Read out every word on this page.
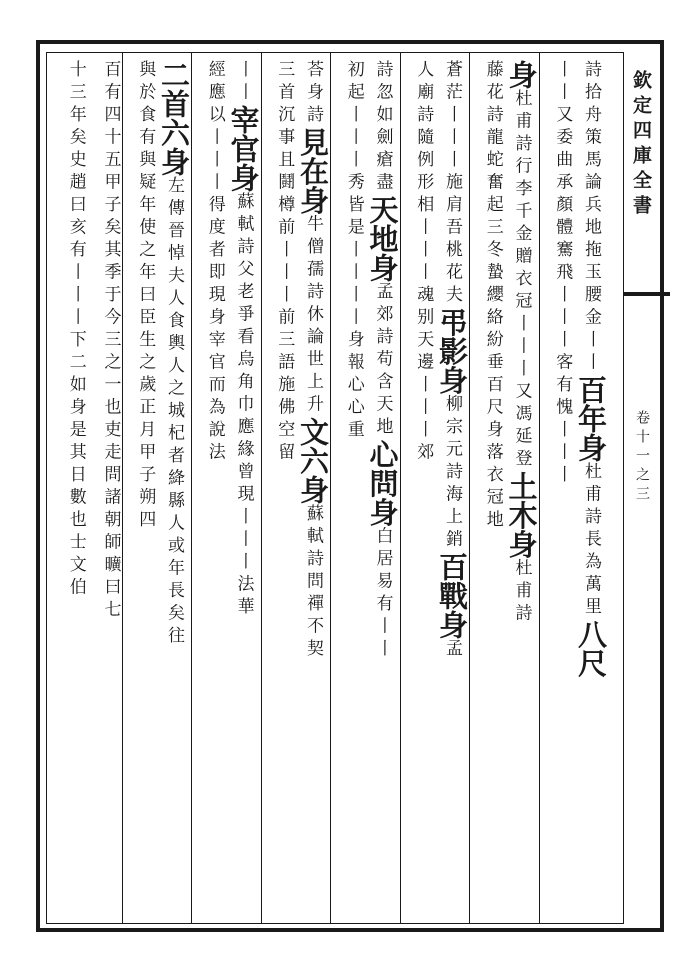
欽定四庫全書
卷十一之三
詩拾舟策馬論兵地拖玉腰金丨丨百年身杜甫詩長為萬里八尺
丨丨又委曲承顏體騫飛丨丨丨客有愧丨丨丨
身杜甫詩行李千金贈衣冠丨丨丨又馮延登土木身杜甫詩
藤花詩龍蛇奮起三冬蟄纓絡紛垂百尺身落衣冠地
蒼茫丨丨丨施肩吾桃花夫弔影身柳宗元詩海上銷百戰身孟
人廟詩隨例形相丨丨丨魂别天邊丨丨丨郊
詩忽如劍瘡盡天地身孟郊詩苟含天地心問身白居易有丨丨
初起丨丨丨秀皆是丨丨丨丨身報心心重
荅身詩見在身牛僧孺詩休論世上升文六身蘇軾詩問禪不契
三首沉事且鬪樽前丨丨丨前三語施佛空留
丨丨宰官身蘇軾詩父老爭看烏角巾應緣曾現丨丨丨法華
經應以丨丨丨得度者即現身宰官而為說法
二首六身左傳晉悼夫人食輿人之城杞者絳縣人或年長矣往
與於食有與疑年使之年曰臣生之歲正月甲子朔四
百有四十五甲子矣其季于今三之一也吏走問諸朝師曠曰七
十三年矣史趙曰亥有丨丨丨下二如身是其日數也士文伯
